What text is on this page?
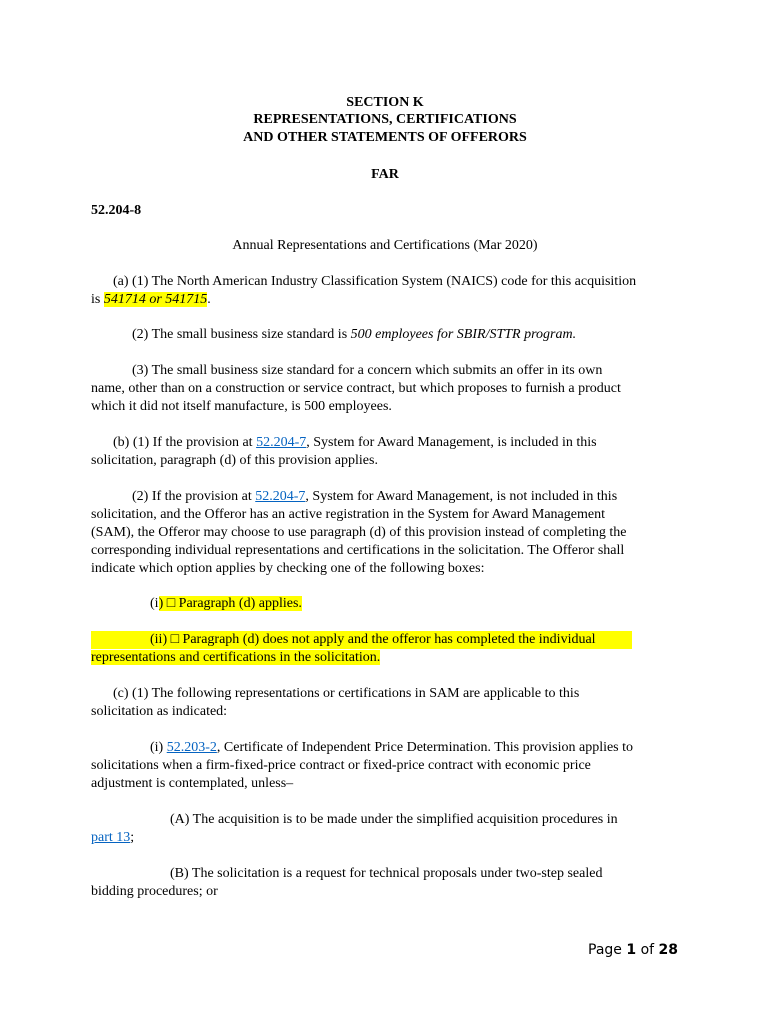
SECTION K
REPRESENTATIONS, CERTIFICATIONS
AND OTHER STATEMENTS OF OFFERORS
FAR
52.204-8
Annual Representations and Certifications (Mar 2020)
(a) (1) The North American Industry Classification System (NAICS) code for this acquisition
is 541714 or 541715.
(2) The small business size standard is 500 employees for SBIR/STTR program.
(3) The small business size standard for a concern which submits an offer in its own
name, other than on a construction or service contract, but which proposes to furnish a product
which it did not itself manufacture, is 500 employees.
(b) (1) If the provision at 52.204-7, System for Award Management, is included in this
solicitation, paragraph (d) of this provision applies.
(2) If the provision at 52.204-7, System for Award Management, is not included in this
solicitation, and the Offeror has an active registration in the System for Award Management
(SAM), the Offeror may choose to use paragraph (d) of this provision instead of completing the
corresponding individual representations and certifications in the solicitation. The Offeror shall
indicate which option applies by checking one of the following boxes:
(i) □ Paragraph (d) applies.
(ii) □ Paragraph (d) does not apply and the offeror has completed the individual
representations and certifications in the solicitation.
(c) (1) The following representations or certifications in SAM are applicable to this
solicitation as indicated:
(i) 52.203-2, Certificate of Independent Price Determination. This provision applies to
solicitations when a firm-fixed-price contract or fixed-price contract with economic price
adjustment is contemplated, unless–
(A) The acquisition is to be made under the simplified acquisition procedures in
part 13;
(B) The solicitation is a request for technical proposals under two-step sealed
bidding procedures; or
Page 1 of 28
